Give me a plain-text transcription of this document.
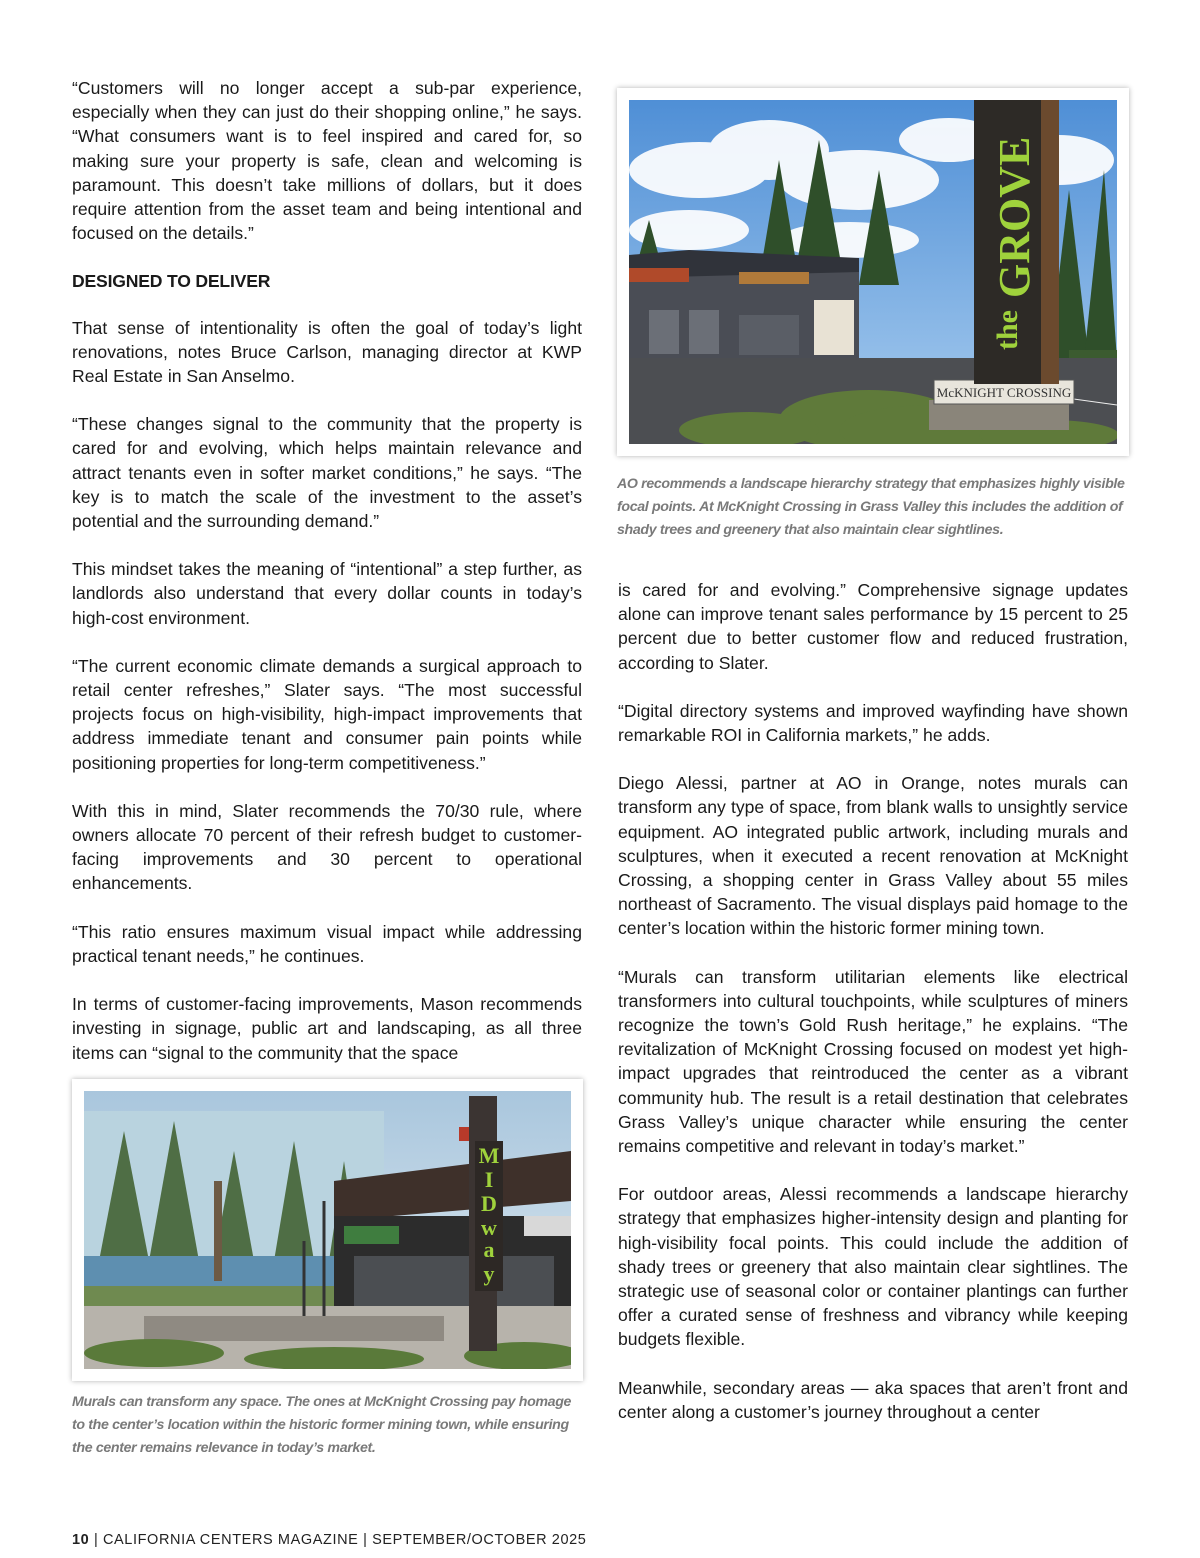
“Customers will no longer accept a sub-par experience, especially when they can just do their shopping online,” he says. “What consumers want is to feel inspired and cared for, so making sure your property is safe, clean and welcoming is paramount. This doesn’t take millions of dollars, but it does require attention from the asset team and being intentional and focused on the details.”

DESIGNED TO DELIVER

That sense of intentionality is often the goal of today’s light renovations, notes Bruce Carlson, managing director at KWP Real Estate in San Anselmo.

“These changes signal to the community that the property is cared for and evolving, which helps maintain relevance and attract tenants even in softer market conditions,” he says. “The key is to match the scale of the investment to the asset’s potential and the surrounding demand.”

This mindset takes the meaning of “intentional” a step further, as landlords also understand that every dollar counts in today’s high-cost environment.

“The current economic climate demands a surgical approach to retail center refreshes,” Slater says. “The most successful projects focus on high-visibility, high-impact improvements that address immediate tenant and consumer pain points while positioning properties for long-term competitiveness.”

With this in mind, Slater recommends the 70/30 rule, where owners allocate 70 percent of their refresh budget to customer-facing improvements and 30 percent to operational enhancements.

“This ratio ensures maximum visual impact while addressing practical tenant needs,” he continues.

In terms of customer-facing improvements, Mason recommends investing in signage, public art and landscaping, as all three items can “signal to the community that the space

McKNIGHT CROSSING
the
GROVE
AO recommends a landscape hierarchy strategy that emphasizes highly visible focal points. At McKnight Crossing in Grass Valley this includes the addition of shady trees and greenery that also maintain clear sightlines.

is cared for and evolving.” Comprehensive signage updates alone can improve tenant sales performance by 15 percent to 25 percent due to better customer flow and reduced frustration, according to Slater.

“Digital directory systems and improved wayfinding have shown remarkable ROI in California markets,” he adds.

Diego Alessi, partner at AO in Orange, notes murals can transform any type of space, from blank walls to unsightly service equipment. AO integrated public artwork, including murals and sculptures, when it executed a recent renovation at McKnight Crossing, a shopping center in Grass Valley about 55 miles northeast of Sacramento. The visual displays paid homage to the center’s location within the historic former mining town.

“Murals can transform utilitarian elements like electrical transformers into cultural touchpoints, while sculptures of miners recognize the town’s Gold Rush heritage,” he explains. “The revitalization of McKnight Crossing focused on modest yet high-impact upgrades that reintroduced the center as a vibrant community hub. The result is a retail destination that celebrates Grass Valley’s unique character while ensuring the center remains competitive and relevant in today’s market.”

For outdoor areas, Alessi recommends a landscape hierarchy strategy that emphasizes higher-intensity design and planting for high-visibility focal points. This could include the addition of shady trees or greenery that also maintain clear sightlines. The strategic use of seasonal color or container plantings can further offer a curated sense of freshness and vibrancy while keeping budgets flexible.

Meanwhile, secondary areas — aka spaces that aren’t front and center along a customer’s journey throughout a center

M
I
D
w
a
y
Murals can transform any space. The ones at McKnight Crossing pay homage to the center’s location within the historic former mining town, while ensuring the center remains relevance in today’s market.
10 | CALIFORNIA CENTERS MAGAZINE | SEPTEMBER/OCTOBER 2025
